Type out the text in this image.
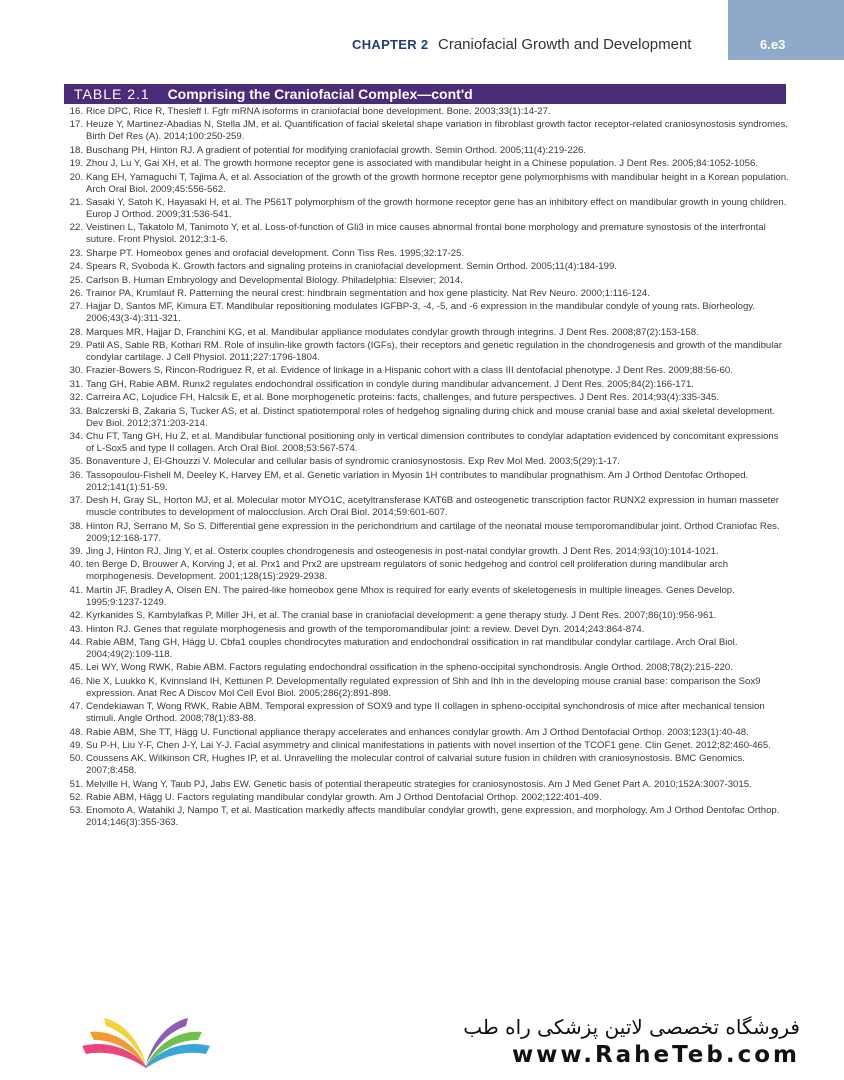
CHAPTER 2 Craniofacial Growth and Development	6.e3
TABLE 2.1 Comprising the Craniofacial Complex—cont'd
16. Rice DPC, Rice R, Thesleff I. Fgfr mRNA isoforms in craniofacial bone development. Bone. 2003;33(1):14-27.
17. Heuze Y, Martinez-Abadias N, Stella JM, et al. Quantification of facial skeletal shape variation in fibroblast growth factor receptor-related craniosynostosis syndromes. Birth Def Res (A). 2014;100:250-259.
18. Buschang PH, Hinton RJ. A gradient of potential for modifying craniofacial growth. Semin Orthod. 2005;11(4):219-226.
19. Zhou J, Lu Y, Gai XH, et al. The growth hormone receptor gene is associated with mandibular height in a Chinese population. J Dent Res. 2005;84:1052-1056.
20. Kang EH, Yamaguchi T, Tajima A, et al. Association of the growth of the growth hormone receptor gene polymorphisms with mandibular height in a Korean population. Arch Oral Biol. 2009;45:556-562.
21. Sasaki Y, Satoh K, Hayasaki H, et al. The P561T polymorphism of the growth hormone receptor gene has an inhibitory effect on mandibular growth in young children. Europ J Orthod. 2009;31:536-541.
22. Veistinen L, Takatolo M, Tanimoto Y, et al. Loss-of-function of Gli3 in mice causes abnormal frontal bone morphology and premature synostosis of the interfrontal suture. Front Physiol. 2012;3:1-6.
23. Sharpe PT. Homeobox genes and orofacial development. Conn Tiss Res. 1995;32:17-25.
24. Spears R, Svoboda K. Growth factors and signaling proteins in craniofacial development. Semin Orthod. 2005;11(4):184-199.
25. Carlson B. Human Embryology and Developmental Biology. Philadelphia: Elsevier; 2014.
26. Trainor PA, Krumlauf R. Patterning the neural crest: hindbrain segmentation and hox gene plasticity. Nat Rev Neuro. 2000;1:116-124.
27. Hajjar D, Santos MF, Kimura ET. Mandibular repositioning modulates IGFBP-3, -4, -5, and -6 expression in the mandibular condyle of young rats. Biorheology. 2006;43(3-4):311-321.
28. Marques MR, Hajjar D, Franchini KG, et al. Mandibular appliance modulates condylar growth through integrins. J Dent Res. 2008;87(2):153-158.
29. Patil AS, Sable RB, Kothari RM. Role of insulin-like growth factors (IGFs), their receptors and genetic regulation in the chondrogenesis and growth of the mandibular condylar cartilage. J Cell Physiol. 2011;227:1796-1804.
30. Frazier-Bowers S, Rincon-Rodriguez R, et al. Evidence of linkage in a Hispanic cohort with a class III dentofacial phenotype. J Dent Res. 2009;88:56-60.
31. Tang GH, Rabie ABM. Runx2 regulates endochondral ossification in condyle during mandibular advancement. J Dent Res. 2005;84(2):166-171.
32. Carreira AC, Lojudice FH, Halcsik E, et al. Bone morphogenetic proteins: facts, challenges, and future perspectives. J Dent Res. 2014;93(4):335-345.
33. Balczerski B, Zakaria S, Tucker AS, et al. Distinct spatiotemporal roles of hedgehog signaling during chick and mouse cranial base and axial skeletal development. Dev Biol. 2012;371:203-214.
34. Chu FT, Tang GH, Hu Z, et al. Mandibular functional positioning only in vertical dimension contributes to condylar adaptation evidenced by concomitant expressions of L-Sox5 and type II collagen. Arch Oral Biol. 2008;53:567-574.
35. Bonaventure J, El-Ghouzzi V. Molecular and cellular basis of syndromic craniosynostosis. Exp Rev Mol Med. 2003;5(29):1-17.
36. Tassopoulou-Fishell M, Deeley K, Harvey EM, et al. Genetic variation in Myosin 1H contributes to mandibular prognathism. Am J Orthod Dentofac Orthoped. 2012;141(1):51-59.
37. Desh H, Gray SL, Horton MJ, et al. Molecular motor MYO1C, acetyltransferase KAT6B and osteogenetic transcription factor RUNX2 expression in human masseter muscle contributes to development of malocclusion. Arch Oral Biol. 2014;59:601-607.
38. Hinton RJ, Serrano M, So S. Differential gene expression in the perichondrium and cartilage of the neonatal mouse temporomandibular joint. Orthod Craniofac Res. 2009;12:168-177.
39. Jing J, Hinton RJ, Jing Y, et al. Osterix couples chondrogenesis and osteogenesis in post-natal condylar growth. J Dent Res. 2014;93(10):1014-1021.
40. ten Berge D, Brouwer A, Korving J, et al. Prx1 and Prx2 are upstream regulators of sonic hedgehog and control cell proliferation during mandibular arch morphogenesis. Development. 2001;128(15):2929-2938.
41. Martin JF, Bradley A, Olsen EN. The paired-like homeobox gene Mhox is required for early events of skeletogenesis in multiple lineages. Genes Develop. 1995;9:1237-1249.
42. Kyrkanides S, Kambylafkas P, Miller JH, et al. The cranial base in craniofacial development: a gene therapy study. J Dent Res. 2007;86(10):956-961.
43. Hinton RJ. Genes that regulate morphogenesis and growth of the temporomandibular joint: a review. Devel Dyn. 2014;243:864-874.
44. Rabie ABM, Tang GH, Hägg U. Cbfa1 couples chondrocytes maturation and endochondral ossification in rat mandibular condylar cartilage. Arch Oral Biol. 2004;49(2):109-118.
45. Lei WY, Wong RWK, Rabie ABM. Factors regulating endochondral ossification in the spheno-occipital synchondrosis. Angle Orthod. 2008;78(2):215-220.
46. Nie X, Luukko K, Kvinnsland IH, Kettunen P. Developmentally regulated expression of Shh and Ihh in the developing mouse cranial base: comparison the Sox9 expression. Anat Rec A Discov Mol Cell Evol Biol. 2005;286(2):891-898.
47. Cendekiawan T, Wong RWK, Rabie ABM. Temporal expression of SOX9 and type II collagen in spheno-occipital synchondrosis of mice after mechanical tension stimuli. Angle Orthod. 2008;78(1):83-88.
48. Rabie ABM, She TT, Hägg U. Functional appliance therapy accelerates and enhances condylar growth. Am J Orthod Dentofacial Orthop. 2003;123(1):40-48.
49. Su P-H, Liu Y-F, Chen J-Y, Lai Y-J. Facial asymmetry and clinical manifestations in patients with novel insertion of the TCOF1 gene. Clin Genet. 2012;82:460-465.
50. Coussens AK, Wilkinson CR, Hughes IP, et al. Unravelling the molecular control of calvarial suture fusion in children with craniosynostosis. BMC Genomics. 2007;8:458.
51. Melville H, Wang Y, Taub PJ, Jabs EW. Genetic basis of potential therapeutic strategies for craniosynostosis. Am J Med Genet Part A. 2010;152A:3007-3015.
52. Rabie ABM, Hägg U. Factors regulating mandibular condylar growth. Am J Orthod Dentofacial Orthop. 2002;122:401-409.
53. Enomoto A, Watahiki J, Nampo T, et al. Mastication markedly affects mandibular condylar growth, gene expression, and morphology. Am J Orthod Dentofac Orthop. 2014;146(3):355-363.
فروشگاه تخصصی لاتین پزشکی راه طب
www.RaheTeb.com
